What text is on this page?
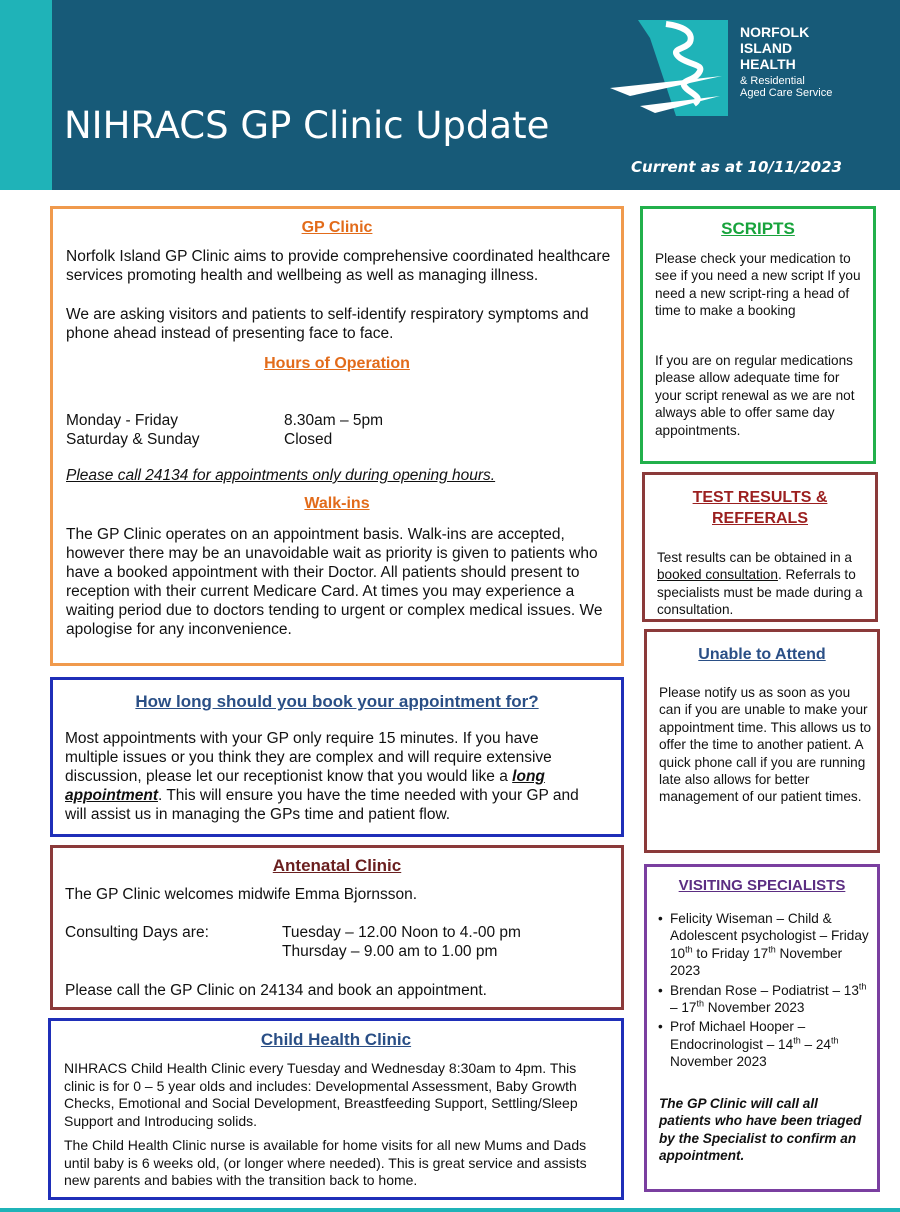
NIHRACS GP Clinic Update
Current as at 10/11/2023
NORFOLK
ISLAND
HEALTH
& Residential
Aged Care Service
GP Clinic
Norfolk Island GP Clinic aims to provide comprehensive coordinated healthcare services promoting health and wellbeing as well as managing illness.
We are asking visitors and patients to self-identify respiratory symptoms and phone ahead instead of presenting face to face.
Hours of Operation
Monday - Friday	8.30am – 5pm
Saturday & Sunday	Closed
Please call 24134 for appointments only during opening hours.
Walk-ins
The GP Clinic operates on an appointment basis. Walk-ins are accepted, however there may be an unavoidable wait as priority is given to patients who have a booked appointment with their Doctor. All patients should present to reception with their current Medicare Card. At times you may experience a waiting period due to doctors tending to urgent or complex medical issues. We apologise for any inconvenience.
How long should you book your appointment for?
Most appointments with your GP only require 15 minutes. If you have multiple issues or you think they are complex and will require extensive discussion, please let our receptionist know that you would like a long appointment. This will ensure you have the time needed with your GP and will assist us in managing the GPs time and patient flow.
Antenatal Clinic
The GP Clinic welcomes midwife Emma Bjornsson.
Consulting Days are:	Tuesday – 12.00 Noon to 4.-00 pm
Thursday – 9.00 am to 1.00 pm
Please call the GP Clinic on 24134 and book an appointment.
Child Health Clinic
NIHRACS Child Health Clinic every Tuesday and Wednesday 8:30am to 4pm. This clinic is for 0 – 5 year olds and includes: Developmental Assessment, Baby Growth Checks, Emotional and Social Development, Breastfeeding Support, Settling/Sleep Support and Introducing solids.
The Child Health Clinic nurse is available for home visits for all new Mums and Dads until baby is 6 weeks old, (or longer where needed). This is great service and assists new parents and babies with the transition back to home.
SCRIPTS
Please check your medication to see if you need a new script If you need a new script-ring a head of time to make a booking
If you are on regular medications please allow adequate time for your script renewal as we are not always able to offer same day appointments.
TEST RESULTS &
REFFERALS
Test results can be obtained in a booked consultation. Referrals to specialists must be made during a consultation.
Unable to Attend
Please notify us as soon as you can if you are unable to make your appointment time. This allows us to offer the time to another patient. A quick phone call if you are running late also allows for better management of our patient times.
VISITING SPECIALISTS
• Felicity Wiseman – Child & Adolescent psychologist – Friday 10th to Friday 17th November 2023
• Brendan Rose – Podiatrist – 13th – 17th November 2023
• Prof Michael Hooper – Endocrinologist – 14th – 24th November 2023
The GP Clinic will call all patients who have been triaged by the Specialist to confirm an appointment.
